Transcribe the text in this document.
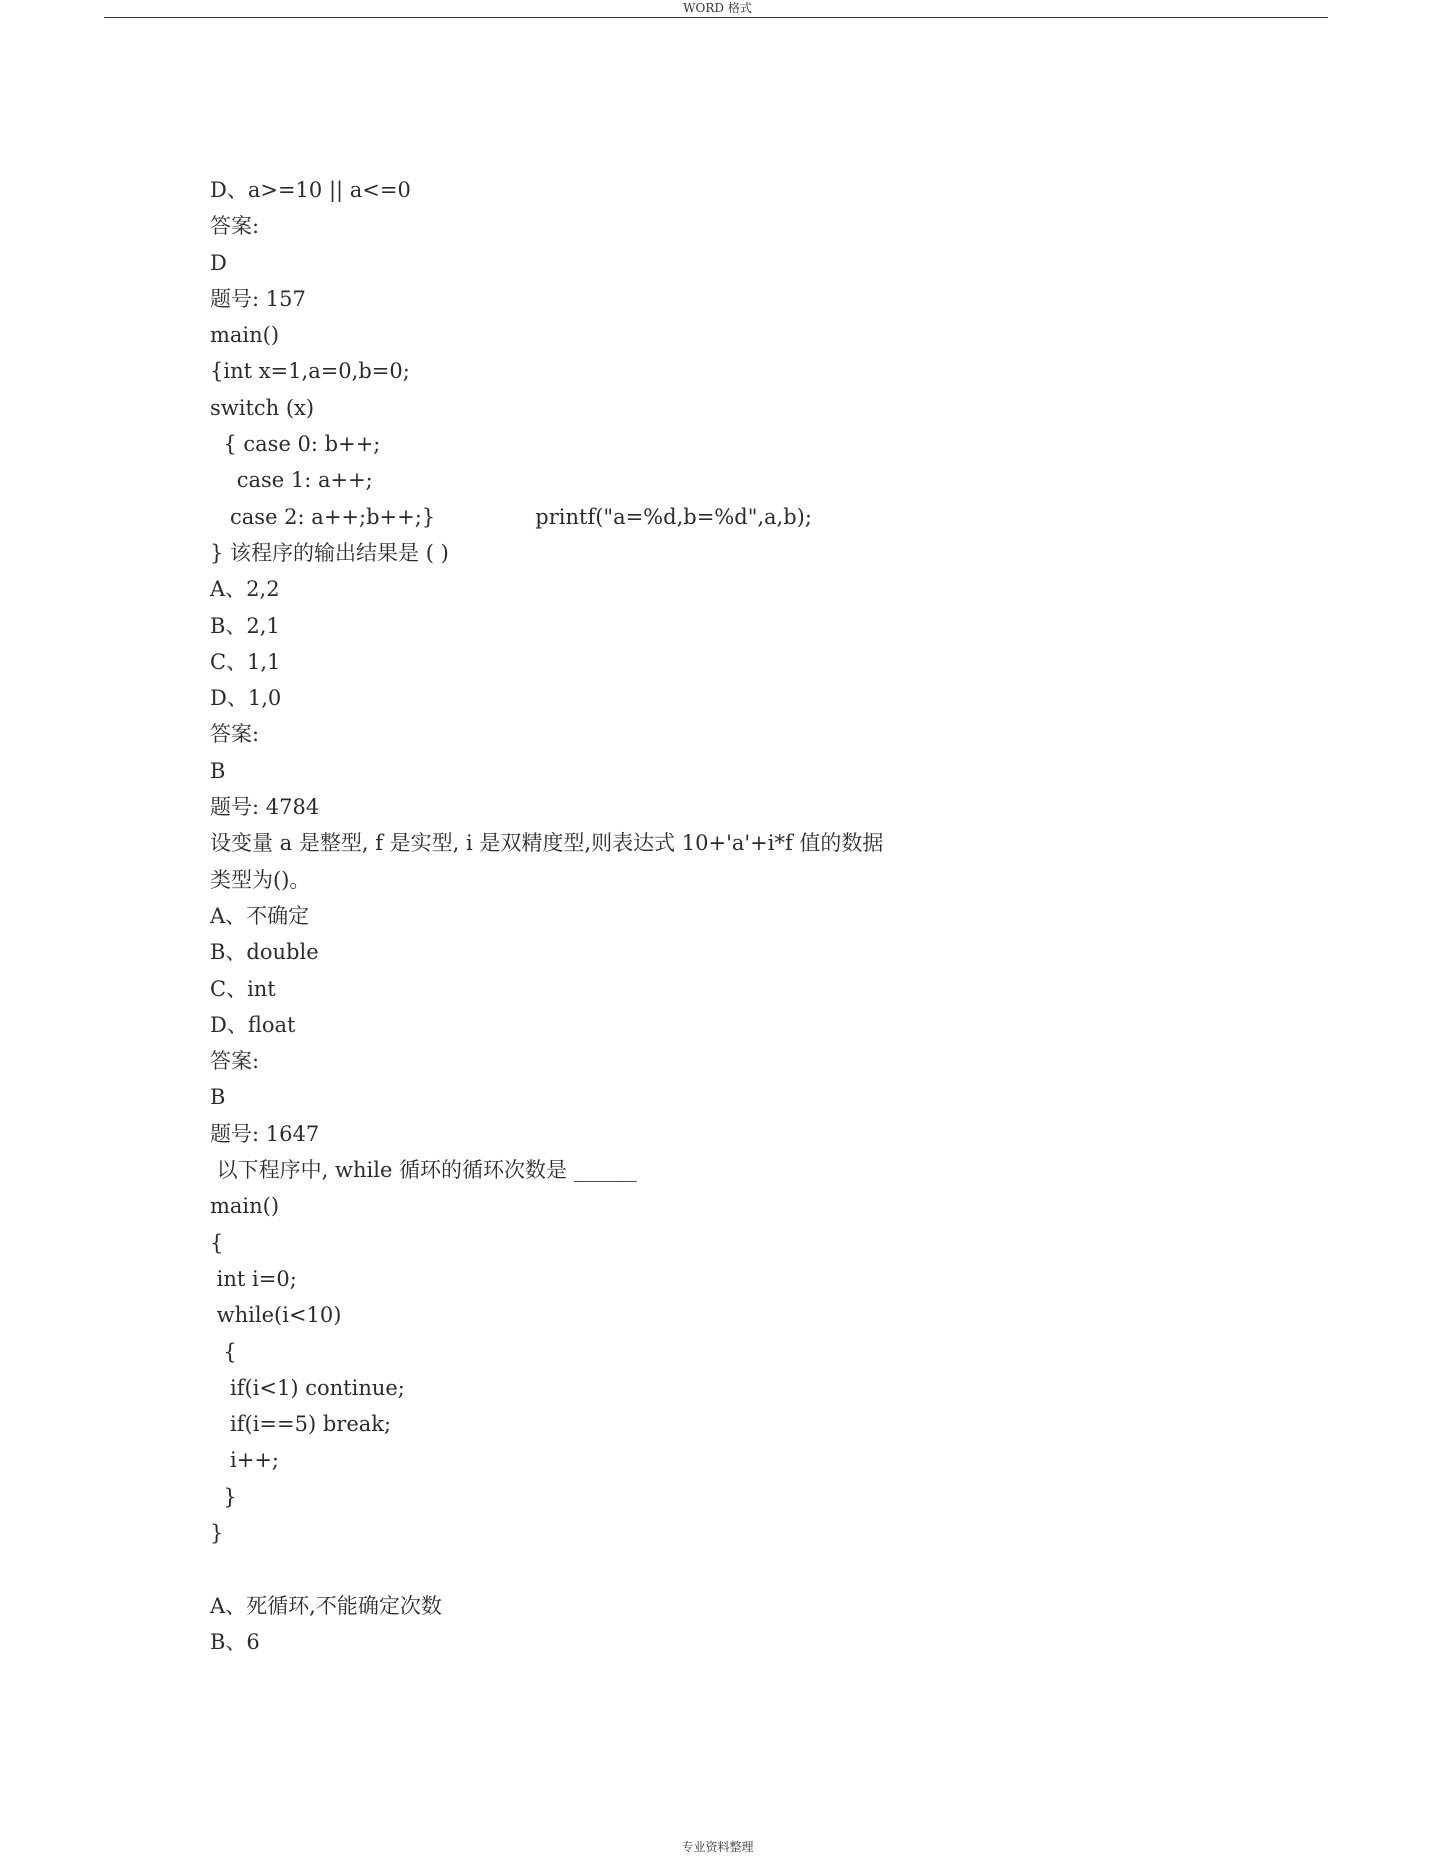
WORD 格式
D、a>=10 || a<=0
答案:
D
题号: 157
main()
{int x=1,a=0,b=0;
switch (x)
{ case 0: b++;
case 1: a++;
case 2: a++;b++;}               printf("a=%d,b=%d",a,b);
} 该程序的输出结果是 ( )
A、2,2
B、2,1
C、1,1
D、1,0
答案:
B
题号: 4784
设变量 a 是整型, f 是实型, i 是双精度型,则表达式 10+'a'+i*f 值的数据
类型为()。
A、不确定
B、double
C、int
D、float
答案:
B
题号: 1647
以下程序中, while 循环的循环次数是 ______
main()
{
int i=0;
while(i<10)
{
if(i<1) continue;
if(i==5) break;
i++;
}
}
A、死循环,不能确定次数
B、6
专业资料整理
